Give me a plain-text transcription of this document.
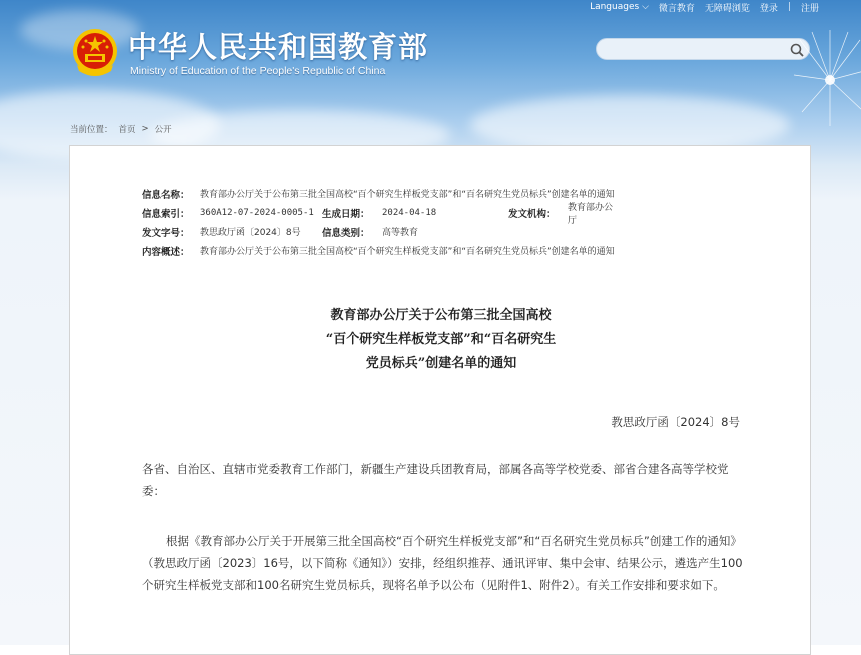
Languages ⌵ 微言教育 无障碍浏览 登录 | 注册
中华人民共和国教育部
Ministry of Education of the People's Republic of China
当前位置： 首页 > 公开
信息名称：	教育部办公厅关于公布第三批全国高校“百个研究生样板党支部”和“百名研究生党员标兵”创建名单的通知
信息索引：	360A12-07-2024-0005-1 生成日期： 2024-04-18	发文机构：
教育部办公厅
发文字号：	教思政厅函〔2024〕8号 信息类别： 高等教育
内容概述：	教育部办公厅关于公布第三批全国高校“百个研究生样板党支部”和“百名研究生党员标兵”创建名单的通知
教育部办公厅关于公布第三批全国高校
“百个研究生样板党支部”和“百名研究生
党员标兵”创建名单的通知
教思政厅函〔2024〕8号
各省、自治区、直辖市党委教育工作部门，新疆生产建设兵团教育局，部属各高等学校党委、部省合建各高等学校党委：
根据《教育部办公厅关于开展第三批全国高校“百个研究生样板党支部”和“百名研究生党员标兵”创建工作的通知》（教思政厅函〔2023〕16号，以下简称《通知》）安排，经组织推荐、通讯评审、集中会审、结果公示，遴选产生100个研究生样板党支部和100名研究生党员标兵，现将名单予以公布（见附件1、附件2）。有关工作安排和要求如下。
